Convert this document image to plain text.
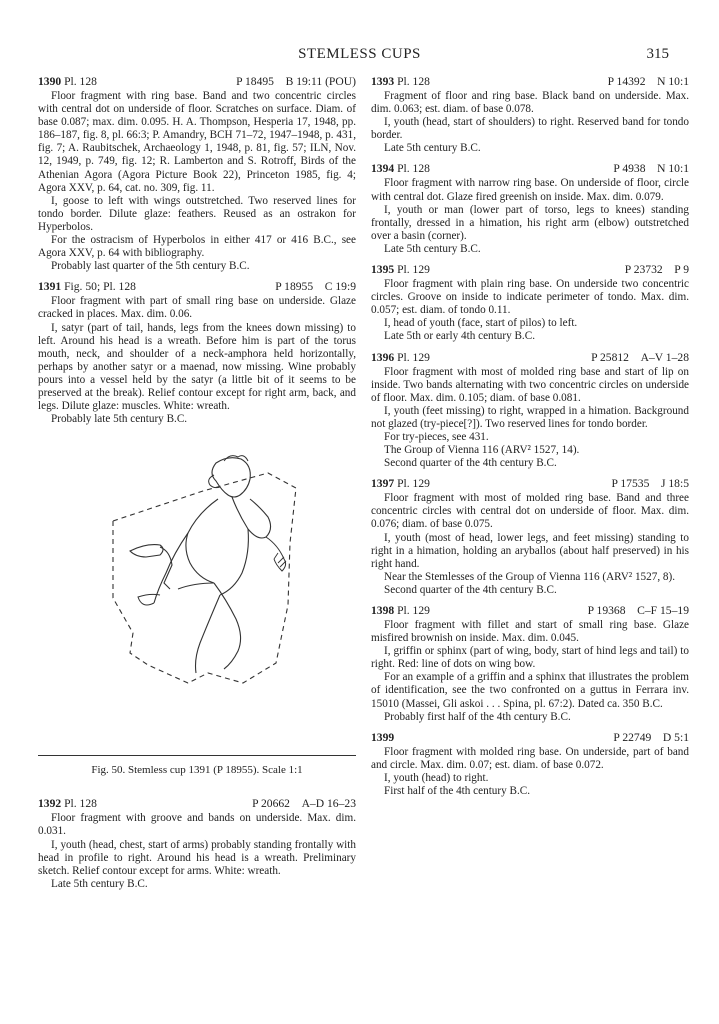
STEMLESS CUPS	315
1390 Pl. 128	P 18495 B 19:11 (POU)

Floor fragment with ring base. Band and two concentric circles with central dot on underside of floor. Scratches on surface. Diam. of base 0.087; max. dim. 0.095. H. A. Thompson, Hesperia 17, 1948, pp. 186–187, fig. 8, pl. 66:3; P. Amandry, BCH 71–72, 1947–1948, p. 431, fig. 7; A. Raubitschek, Archaeology 1, 1948, p. 81, fig. 57; ILN, Nov. 12, 1949, p. 749, fig. 12; R. Lamberton and S. Rotroff, Birds of the Athenian Agora (Agora Picture Book 22), Princeton 1985, fig. 4; Agora XXV, p. 64, cat. no. 309, fig. 11.

I, goose to left with wings outstretched. Two reserved lines for tondo border. Dilute glaze: feathers. Reused as an ostrakon for Hyperbolos.

For the ostracism of Hyperbolos in either 417 or 416 B.C., see Agora XXV, p. 64 with bibliography.

Probably last quarter of the 5th century B.C.

1391 Fig. 50; Pl. 128	P 18955 C 19:9

Floor fragment with part of small ring base on underside. Glaze cracked in places. Max. dim. 0.06.

I, satyr (part of tail, hands, legs from the knees down missing) to left. Around his head is a wreath. Before him is part of the torus mouth, neck, and shoulder of a neck-amphora held horizontally, perhaps by another satyr or a maenad, now missing. Wine probably pours into a vessel held by the satyr (a little bit of it seems to be preserved at the break). Relief contour except for right arm, back, and legs. Dilute glaze: muscles. White: wreath.

Probably late 5th century B.C.

Fig. 50. Stemless cup 1391 (P 18955). Scale 1:1
1392 Pl. 128	P 20662 A–D 16–23

Floor fragment with groove and bands on underside. Max. dim. 0.031.

I, youth (head, chest, start of arms) probably standing frontally with head in profile to right. Around his head is a wreath. Preliminary sketch. Relief contour except for arms. White: wreath.

Late 5th century B.C.

1393 Pl. 128	P 14392 N 10:1

Fragment of floor and ring base. Black band on underside. Max. dim. 0.063; est. diam. of base 0.078.

I, youth (head, start of shoulders) to right. Reserved band for tondo border.

Late 5th century B.C.

1394 Pl. 128	P 4938 N 10:1

Floor fragment with narrow ring base. On underside of floor, circle with central dot. Glaze fired greenish on inside. Max. dim. 0.079.

I, youth or man (lower part of torso, legs to knees) standing frontally, dressed in a himation, his right arm (elbow) outstretched over a basin (corner).

Late 5th century B.C.

1395 Pl. 129	P 23732 P 9

Floor fragment with plain ring base. On underside two concentric circles. Groove on inside to indicate perimeter of tondo. Max. dim. 0.057; est. diam. of tondo 0.11.

I, head of youth (face, start of pilos) to left.

Late 5th or early 4th century B.C.

1396 Pl. 129	P 25812 A–V 1–28

Floor fragment with most of molded ring base and start of lip on inside. Two bands alternating with two concentric circles on underside of floor. Max. dim. 0.105; diam. of base 0.081.

I, youth (feet missing) to right, wrapped in a himation. Background not glazed (try-piece[?]). Two reserved lines for tondo border.

For try-pieces, see 431.

The Group of Vienna 116 (ARV² 1527, 14).

Second quarter of the 4th century B.C.

1397 Pl. 129	P 17535 J 18:5

Floor fragment with most of molded ring base. Band and three concentric circles with central dot on underside of floor. Max. dim. 0.076; diam. of base 0.075.

I, youth (most of head, lower legs, and feet missing) standing to right in a himation, holding an aryballos (about half preserved) in his right hand.

Near the Stemlesses of the Group of Vienna 116 (ARV² 1527, 8).

Second quarter of the 4th century B.C.

1398 Pl. 129	P 19368 C–F 15–19

Floor fragment with fillet and start of small ring base. Glaze misfired brownish on inside. Max. dim. 0.045.

I, griffin or sphinx (part of wing, body, start of hind legs and tail) to right. Red: line of dots on wing bow.

For an example of a griffin and a sphinx that illustrates the problem of identification, see the two confronted on a guttus in Ferrara inv. 15010 (Massei, Gli askoi . . . Spina, pl. 67:2). Dated ca. 350 B.C.

Probably first half of the 4th century B.C.

1399	P 22749 D 5:1

Floor fragment with molded ring base. On underside, part of band and circle. Max. dim. 0.07; est. diam. of base 0.072.

I, youth (head) to right.

First half of the 4th century B.C.
